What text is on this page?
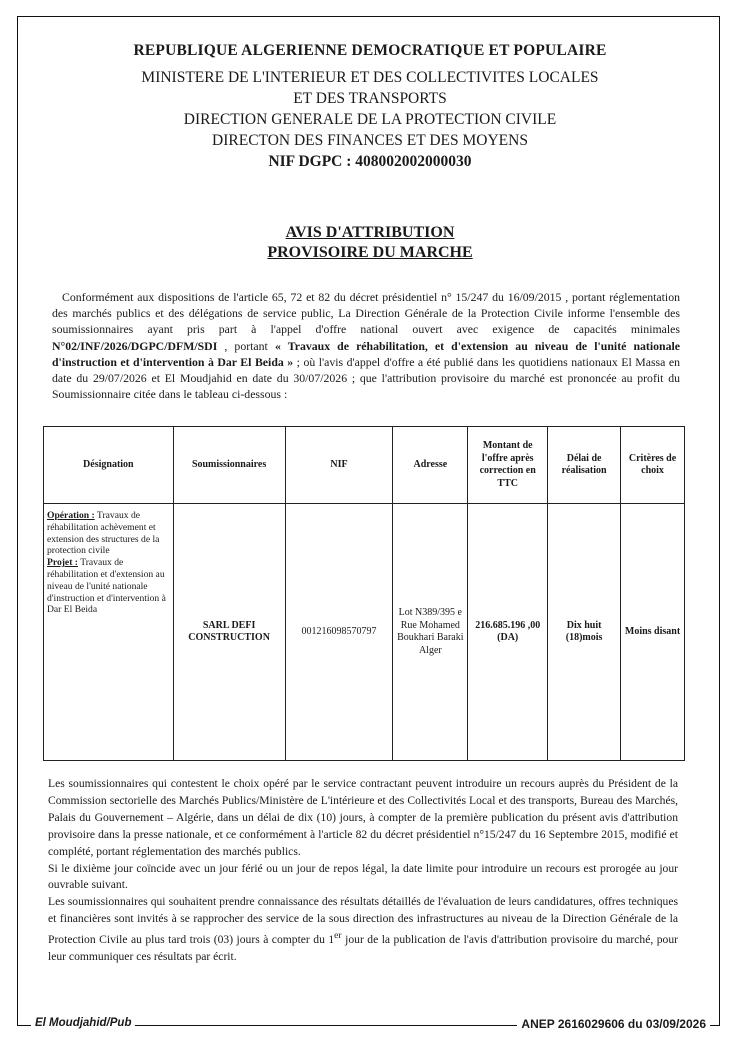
REPUBLIQUE ALGERIENNE DEMOCRATIQUE ET POPULAIRE
MINISTERE DE L'INTERIEUR ET DES COLLECTIVITES LOCALES
ET DES TRANSPORTS
DIRECTION GENERALE DE LA PROTECTION CIVILE
DIRECTON DES FINANCES ET DES MOYENS
NIF DGPC : 408002002000030
AVIS D'ATTRIBUTION
PROVISOIRE DU MARCHE
Conformément aux dispositions de l'article 65, 72 et 82 du décret présidentiel n° 15/247 du 16/09/2015 , portant réglementation des marchés publics et des délégations de service public, La Direction Générale de la Protection Civile informe l'ensemble des soumissionnaires ayant pris part à l'appel d'offre national ouvert avec exigence de capacités minimales N°02/INF/2026/DGPC/DFM/SDI , portant « Travaux de réhabilitation, et d'extension au niveau de l'unité nationale d'instruction et d'intervention à Dar El Beida » ; où l'avis d'appel d'offre a été publié dans les quotidiens nationaux El Massa en date du 29/07/2026 et El Moudjahid en date du 30/07/2026 ; que l'attribution provisoire du marché est prononcée au profit du Soumissionnaire citée dans le tableau ci-dessous :
Désignation	Soumissionnaires	NIF	Adresse	Montant de l'offre après correction en TTC	Délai de réalisation	Critères de choix
Opération : Travaux de réhabilitation achèvement et extension des structures de la protection civile
Projet : Travaux de réhabilitation et d'extension au niveau de l'unité nationale d'instruction et d'intervention à Dar El Beida	SARL DEFI CONSTRUCTION	001216098570797	Lot N389/395 e Rue Mohamed Boukhari Baraki Alger	216.685.196 ,00 (DA)	Dix huit (18)mois	Moins disant

Les soumissionnaires qui contestent le choix opéré par le service contractant peuvent introduire un recours auprès du Président de la Commission sectorielle des Marchés Publics/Ministère de L'intérieure et des Collectivités Local et des transports, Bureau des Marchés, Palais du Gouvernement – Algérie, dans un délai de dix (10) jours, à compter de la première publication du présent avis d'attribution provisoire dans la presse nationale, et ce conformément à l'article 82 du décret présidentiel n°15/247 du 16 Septembre 2015, modifié et complété, portant réglementation des marchés publics.

Si le dixième jour coïncide avec un jour férié ou un jour de repos légal, la date limite pour introduire un recours est prorogée au jour ouvrable suivant.

Les soumissionnaires qui souhaitent prendre connaissance des résultats détaillés de l'évaluation de leurs candidatures, offres techniques et financières sont invités à se rapprocher des service de la sous direction des infrastructures au niveau de la Direction Générale de la Protection Civile au plus tard trois (03) jours à compter du 1er jour de la publication de l'avis d'attribution provisoire du marché, pour leur communiquer ces résultats par écrit.

El Moudjahid/Pub	ANEP 2616029606 du 03/09/2026
